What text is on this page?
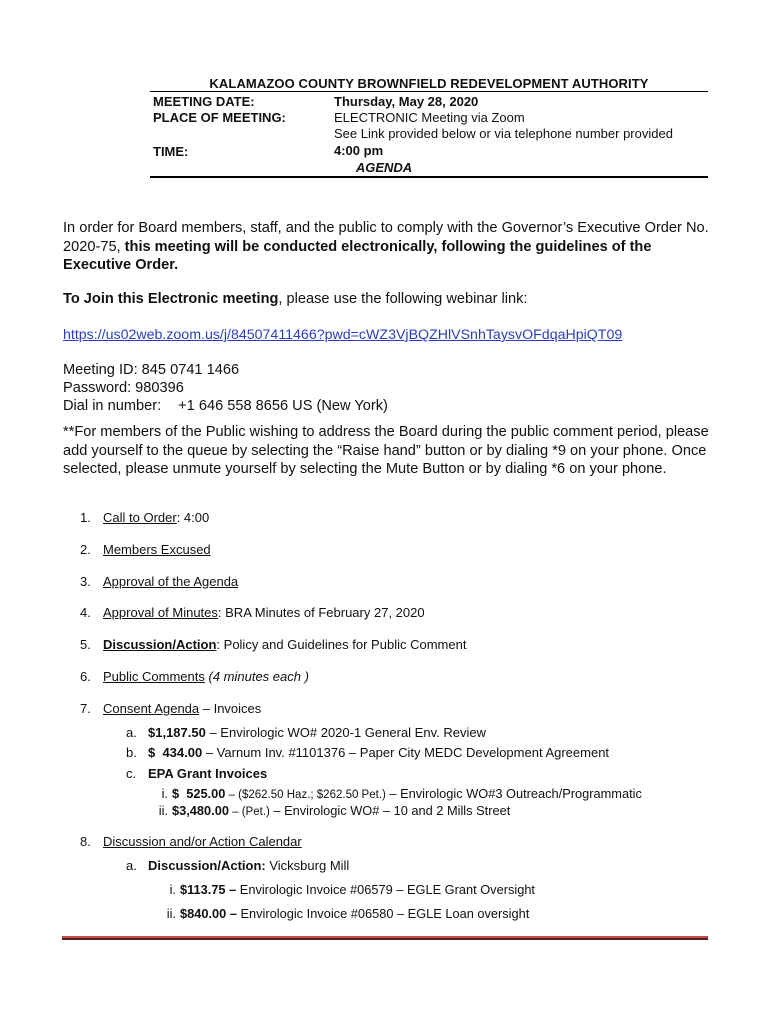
KALAMAZOO COUNTY BROWNFIELD REDEVELOPMENT AUTHORITY
MEETING DATE:	Thursday, May 28, 2020
PLACE OF MEETING:	ELECTRONIC Meeting via Zoom
See Link provided below or via telephone number provided
TIME:	4:00 pm
AGENDA
In order for Board members, staff, and the public to comply with the Governor’s Executive Order No. 2020-75, this meeting will be conducted electronically, following the guidelines of the Executive Order.
To Join this Electronic meeting, please use the following webinar link:
https://us02web.zoom.us/j/84507411466?pwd=cWZ3VjBQZHlVSnhTaysvOFdqaHpiQT09
Meeting ID: 845 0741 1466
Password: 980396
Dial in number: +1 646 558 8656 US (New York)
**For members of the Public wishing to address the Board during the public comment period, please add yourself to the queue by selecting the “Raise hand” button or by dialing *9 on your phone. Once selected, please unmute yourself by selecting the Mute Button or by dialing *6 on your phone.
1. Call to Order: 4:00
2. Members Excused
3. Approval of the Agenda
4. Approval of Minutes: BRA Minutes of February 27, 2020
5. Discussion/Action: Policy and Guidelines for Public Comment
6. Public Comments (4 minutes each )
7. Consent Agenda – Invoices
a. $1,187.50 – Envirologic WO# 2020-1 General Env. Review
b. $  434.00 – Varnum Inv. #1101376 – Paper City MEDC Development Agreement
c. EPA Grant Invoices
i. $  525.00 – ($262.50 Haz.; $262.50 Pet.) – Envirologic WO#3 Outreach/Programmatic
ii. $3,480.00 – (Pet.) – Envirologic WO# – 10 and 2 Mills Street
8. Discussion and/or Action Calendar
a. Discussion/Action: Vicksburg Mill
i. $113.75 – Envirologic Invoice #06579 – EGLE Grant Oversight
ii. $840.00 – Envirologic Invoice #06580 – EGLE Loan oversight
